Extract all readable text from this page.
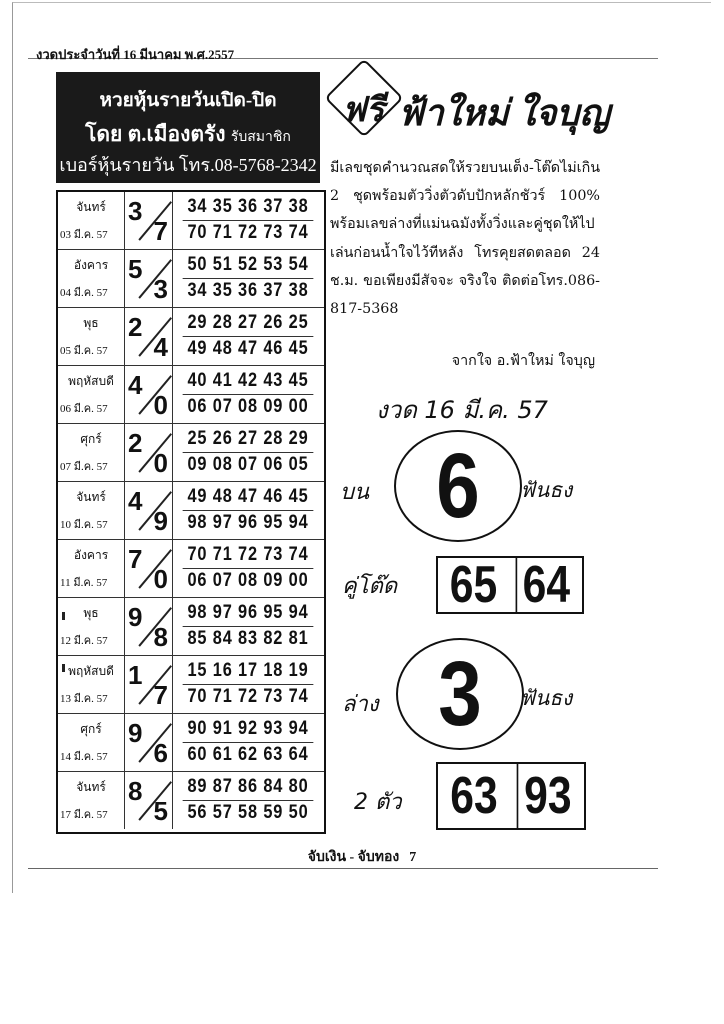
งวดประจำวันที่ 16 มีนาคม พ.ศ.2557
หวยหุ้นรายวันเปิด-ปิด
โดย ต.เมืองตรัง รับสมาชิก
เบอร์หุ้นรายวัน โทร.08-5768-2342
จันทร์
03 มี.ค. 57
3
7
34 35 36 37 38
70 71 72 73 74
อังคาร
04 มี.ค. 57
5
3
50 51 52 53 54
34 35 36 37 38
พุธ
05 มี.ค. 57
2
4
29 28 27 26 25
49 48 47 46 45
พฤหัสบดี
06 มี.ค. 57
4
0
40 41 42 43 45
06 07 08 09 00
ศุกร์
07 มี.ค. 57
2
0
25 26 27 28 29
09 08 07 06 05
จันทร์
10 มี.ค. 57
4
9
49 48 47 46 45
98 97 96 95 94
อังคาร
11 มี.ค. 57
7
0
70 71 72 73 74
06 07 08 09 00
พุธ
12 มี.ค. 57
9
8
98 97 96 95 94
85 84 83 82 81
พฤหัสบดี
13 มี.ค. 57
1
7
15 16 17 18 19
70 71 72 73 74
ศุกร์
14 มี.ค. 57
9
6
90 91 92 93 94
60 61 62 63 64
จันทร์
17 มี.ค. 57
8
5
89 87 86 84 80
56 57 58 59 50
ฟรี ฟ้าใหม่ ใจบุญ
มีเลขชุดคำนวณสดให้รวยบนเต็ง-โต๊ดไม่เกิน 2 ชุดพร้อมตัววิ่งตัวดับปักหลักชัวร์ 100% พร้อมเลขล่างที่แม่นฉมังทั้งวิ่งและคู่ชุดให้ไปเล่นก่อนน้ำใจไว้ทีหลัง โทรคุยสดตลอด 24 ช.ม. ขอเพียงมีสัจจะ จริงใจ ติดต่อโทร.086-817-5368
จากใจ อ.ฟ้าใหม่ ใจบุญ
งวด 16 มี.ค. 57
บน 6	ฟันธง
คู่โต๊ด 65 64
ล่าง 3	ฟันธง
2 ตัว 63 93
จับเงิน - จับทอง 7
